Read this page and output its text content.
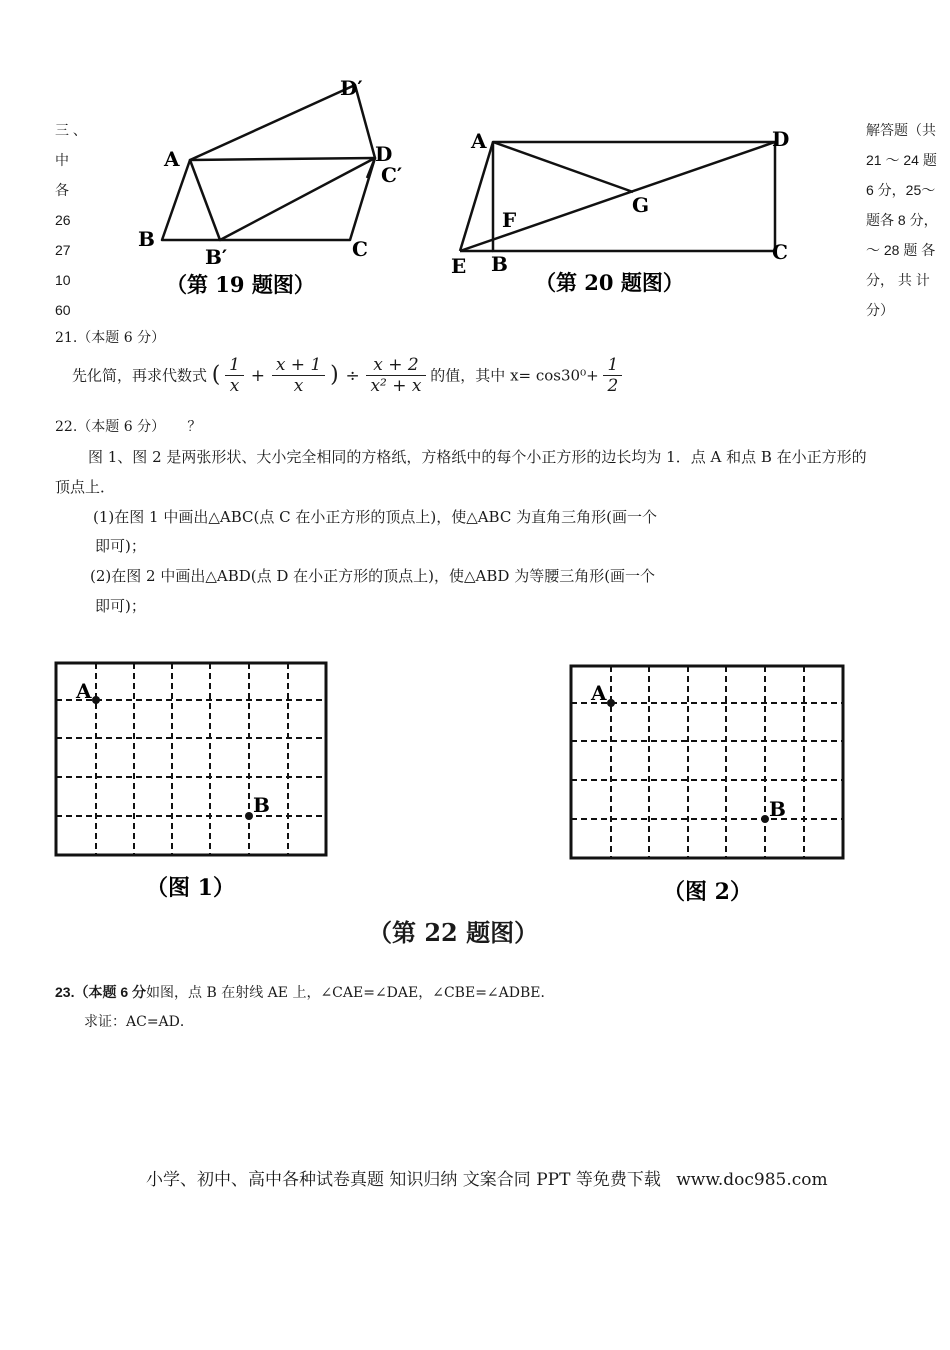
三 、
中
各
26
27
10
60
解答题（共
21 ～ 24 题
6 分，25～
题各 8 分，
～ 28 题 各
分， 共 计
分）
D′
A	D
C′
B
B′	C
（第 19 题图）
A	D
G
F
E B	C
（第 20 题图）
21.（本题 6 分）
先化简，再求代数式 ( $\frac{1}{x} + \frac{x + 1}{x}$ ) ÷ $\frac{x + 2}{\text{x² + x}}$ 的值，其中 $x= \cos 30^0+ \frac{1}{2}$
22.（本题 6 分）     ？
图 1、图 2 是两张形状、大小完全相同的方格纸，方格纸中的每个小正方形的边长均为 1．点 A 和点 B 在小正方形的
顶点上．
(1)在图 1 中画出△ABC(点 C 在小正方形的顶点上)，使△ABC 为直角三角形(画一个
即可)；
(2)在图 2 中画出△ABD(点 D 在小正方形的顶点上)，使△ABD 为等腰三角形(画一个
即可)；
A
B
（图 1）
A
B
（图 2）
（第 22 题图）
23.（本题 6 分如图，点 B 在射线 AE 上，∠CAE=∠DAE，∠CBE=∠ADBE．
求证：AC=AD．
小学、初中、高中各种试卷真题 知识归纳 文案合同 PPT 等免费下载 www.doc985.com
